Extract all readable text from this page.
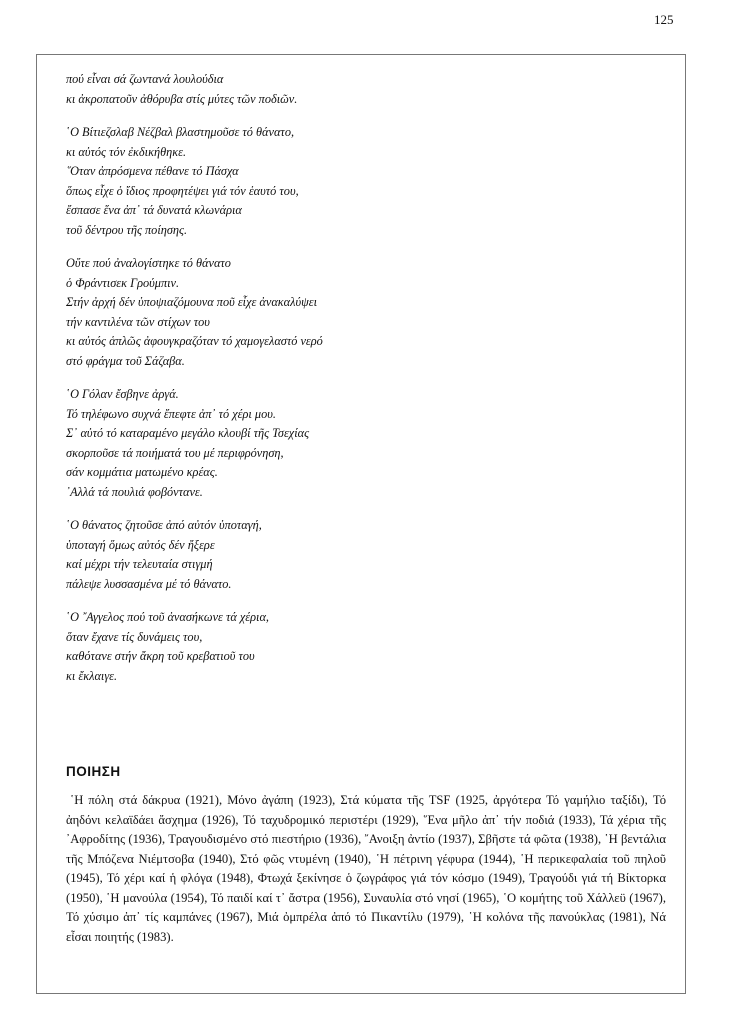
125
πού εἶναι σά ζωντανά λουλούδια
κι ἀκροπατοῦν ἀθόρυβα στίς μύτες τῶν ποδιῶν.
῾Ο Βίτιεζσλαβ Νέζβαλ βλαστημοῦσε τό θάνατο,
κι αὐτός τόν ἐκδικήθηκε.
῞Οταν ἀπρόσμενα πέθανε τό Πάσχα
ὅπως εἶχε ὁ ἴδιος προφητέψει γιά τόν ἑαυτό του,
ἔσπασε ἕνα ἀπ᾿ τά δυνατά κλωνάρια
τοῦ δέντρου τῆς ποίησης.
Οὔτε πού ἀναλογίστηκε τό θάνατο
ὁ Φράντισεκ Γρούμπιν.
Στήν ἀρχή δέν ὑποψιαζόμουνα ποῦ εἶχε ἀνακαλύψει
τήν καντιλένα τῶν στίχων του
κι αὐτός ἁπλῶς ἀφουγκραζόταν τό χαμογελαστό νερό
στό φράγμα τοῦ Σάζαβα.
῾Ο Γόλαν ἔσβηνε ἀργά.
Τό τηλέφωνο συχνά ἔπεφτε ἀπ᾿ τό χέρι μου.
Σ᾿ αὐτό τό καταραμένο μεγάλο κλουβί τῆς Τσεχίας
σκορποῦσε τά ποιήματά του μέ περιφρόνηση,
σάν κομμάτια ματωμένο κρέας.
᾿Αλλά τά πουλιά φοβόντανε.
῾Ο θάνατος ζητοῦσε ἀπό αὐτόν ὑποταγή,
ὑποταγή ὅμως αὐτός δέν ἤξερε
καί μέχρι τήν τελευταία στιγμή
πάλεψε λυσσασμένα μέ τό θάνατο.
῾Ο ῎Αγγελος πού τοῦ ἀνασήκωνε τά χέρια,
ὅταν ἔχανε τίς δυνάμεις του,
καθότανε στήν ἄκρη τοῦ κρεβατιοῦ του
κι ἔκλαιγε.
ΠΟΙΗΣΗ

῾Η πόλη στά δάκρυα (1921), Μόνο ἀγάπη (1923), Στά κύματα τῆς TSF (1925, ἀργότερα Τό γαμήλιο ταξίδι), Τό ἀηδόνι κελαϊδάει ἄσχημα (1926), Τό ταχυδρομικό περιστέρι (1929), ῞Ενα μῆλο ἀπ᾿ τήν ποδιά (1933), Τά χέρια τῆς ᾿Αφροδίτης (1936), Τραγουδισμένο στό πιεστήριο (1936), ῎Ανοιξη ἀντίο (1937), Σβῆστε τά φῶτα (1938), ῾Η βεντάλια τῆς Μπόζενα Νιέμτσοβα (1940), Στό φῶς ντυμένη (1940), ῾Η πέτρινη γέφυρα (1944), ῾Η περικεφαλαία τοῦ πηλοῦ (1945), Τό χέρι καί ἡ φλόγα (1948), Φτωχά ξεκίνησε ὁ ζωγράφος γιά τόν κόσμο (1949), Τραγούδι γιά τή Βίκτορκα (1950), ῾Η μανούλα (1954), Τό παιδί καί τ᾿ ἄστρα (1956), Συναυλία στό νησί (1965), ῾Ο κομήτης τοῦ Χάλλεϋ (1967), Τό χύσιμο ἀπ᾿ τίς καμπάνες (1967), Μιά ὀμπρέλα ἀπό τό Πικαντίλυ (1979), ῾Η κολόνα τῆς πανούκλας (1981), Νά εἶσαι ποιητής (1983).
